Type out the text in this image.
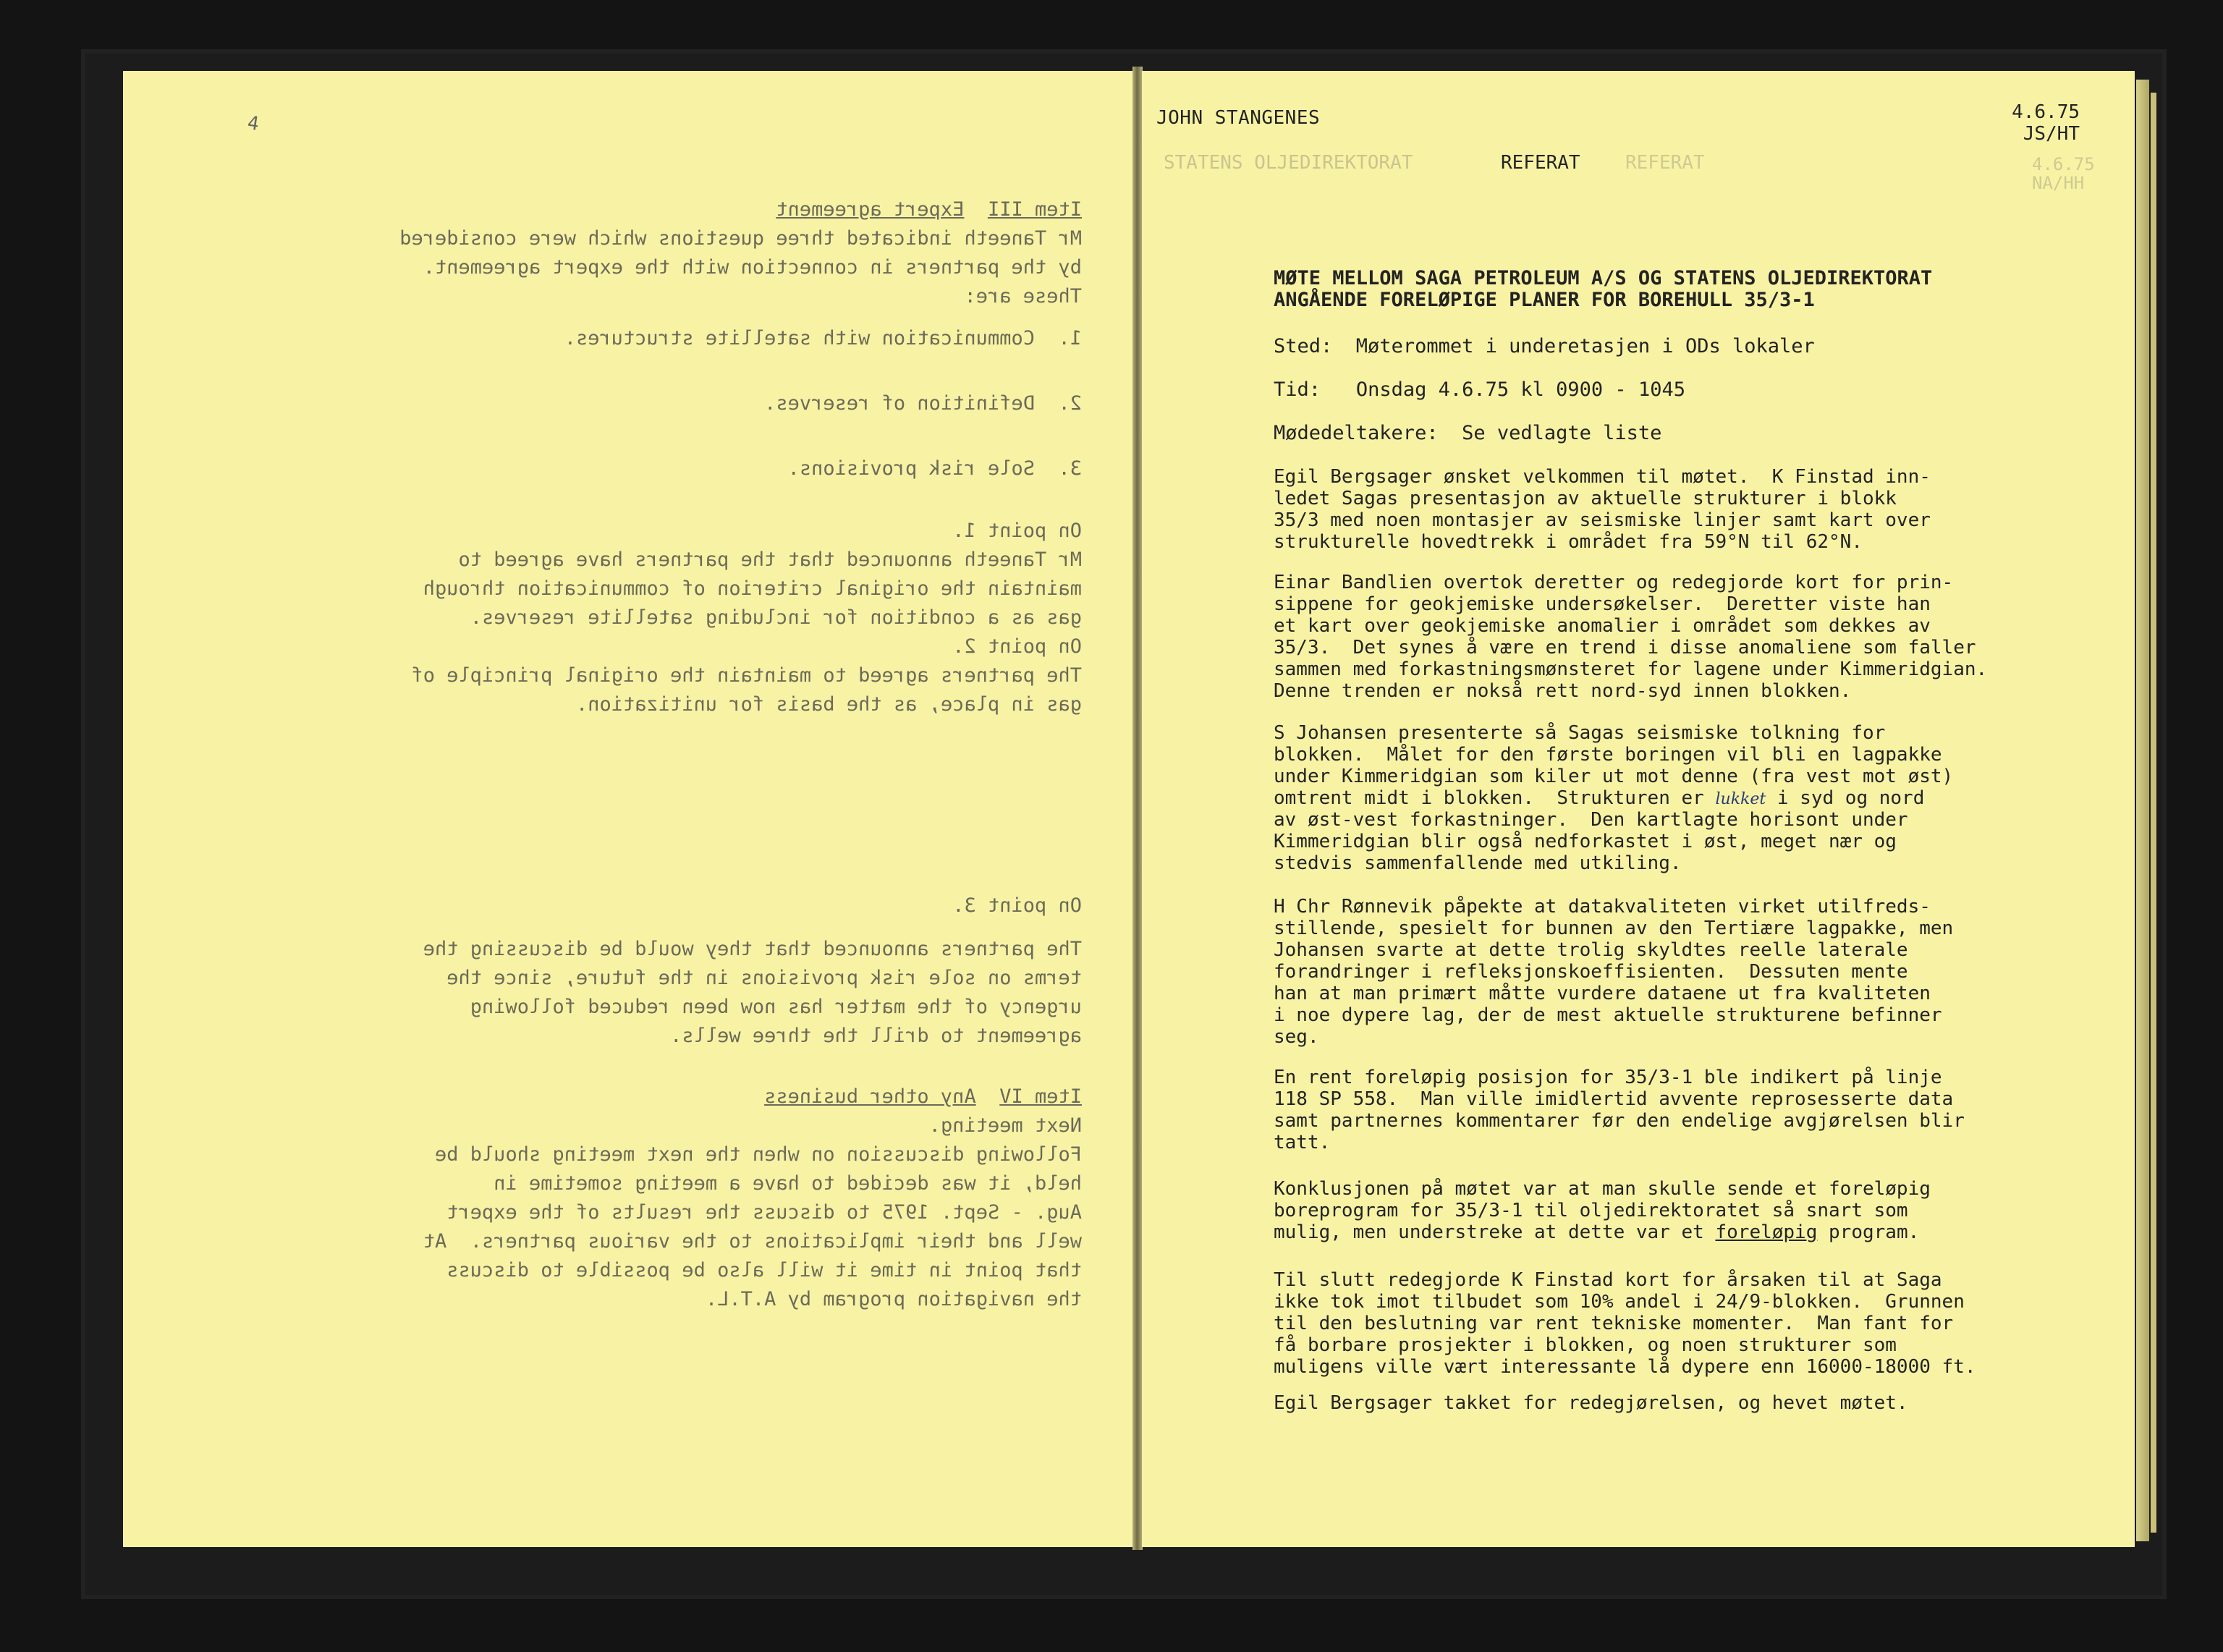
Item III  Expert agreement
Mr Taneeth indicated three questions which were considered
by the partners in connection with the expert agreement.
These are:
1.  Communication with satellite structures.
2.  Definition of reserves.
3.  Sole risk provisions.
On point 1.
Mr Taneeth announced that the partners have agreed to
maintain the original criterion of communication through
gas as a condition for including satellite reserves.
On point 2.
The partners agreed to maintain the original principle of
gas in place, as the basis for unitization.
On point 3.
The partners announced that they would be discussing the
terms on sole risk provisions in the future, since the
urgency of the matter has now been reduced following
agreement to drill the three wells.
Item IV  Any other business
Next meeting.
Following discussion on when the next meeting should be
held, it was decided to have a meeting sometime in
Aug. - Sept. 1975 to discuss the results of the expert
well and their implications to the various partners.  At
that point in time it will also be possible to discuss
the navigation program by A.T.L.
4	JOHN STANGENES	4.6.75
JS/HT
STATENS OLJEDIREKTORAT	REFERAT REFERAT	4.6.75
NA/HH
MØTE MELLOM SAGA PETROLEUM A/S OG STATENS OLJEDIREKTORAT
ANGÅENDE FORELØPIGE PLANER FOR BOREHULL 35/3-1
Sted: Møterommet i underetasjen i ODs lokaler
Tid: Onsdag 4.6.75 kl 0900 - 1045
Mødedeltakere: Se vedlagte liste
Egil Bergsager ønsket velkommen til møtet.  K Finstad inn-
ledet Sagas presentasjon av aktuelle strukturer i blokk
35/3 med noen montasjer av seismiske linjer samt kart over
strukturelle hovedtrekk i området fra 59°N til 62°N.
Einar Bandlien overtok deretter og redegjorde kort for prin-
sippene for geokjemiske undersøkelser.  Deretter viste han
et kart over geokjemiske anomalier i området som dekkes av
35/3.  Det synes å være en trend i disse anomaliene som faller
sammen med forkastningsmønsteret for lagene under Kimmeridgian.
Denne trenden er nokså rett nord-syd innen blokken.
S Johansen presenterte så Sagas seismiske tolkning for
blokken.  Målet for den første boringen vil bli en lagpakke
under Kimmeridgian som kiler ut mot denne (fra vest mot øst)
omtrent midt i blokken.  Strukturen er lukket i syd og nord
av øst-vest forkastninger.  Den kartlagte horisont under
Kimmeridgian blir også nedforkastet i øst, meget nær og
stedvis sammenfallende med utkiling.
H Chr Rønnevik påpekte at datakvaliteten virket utilfreds-
stillende, spesielt for bunnen av den Tertiære lagpakke, men
Johansen svarte at dette trolig skyldtes reelle laterale
forandringer i refleksjonskoeffisienten.  Dessuten mente
han at man primært måtte vurdere dataene ut fra kvaliteten
i noe dypere lag, der de mest aktuelle strukturene befinner
seg.
En rent foreløpig posisjon for 35/3-1 ble indikert på linje
118 SP 558.  Man ville imidlertid avvente reprosesserte data
samt partnernes kommentarer før den endelige avgjørelsen blir
tatt.
Konklusjonen på møtet var at man skulle sende et foreløpig
boreprogram for 35/3-1 til oljedirektoratet så snart som
mulig, men understreke at dette var et foreløpig program.
Til slutt redegjorde K Finstad kort for årsaken til at Saga
ikke tok imot tilbudet som 10% andel i 24/9-blokken.  Grunnen
til den beslutning var rent tekniske momenter.  Man fant for
få borbare prosjekter i blokken, og noen strukturer som
muligens ville vært interessante lå dypere enn 16000-18000 ft.
Egil Bergsager takket for redegjørelsen, og hevet møtet.
